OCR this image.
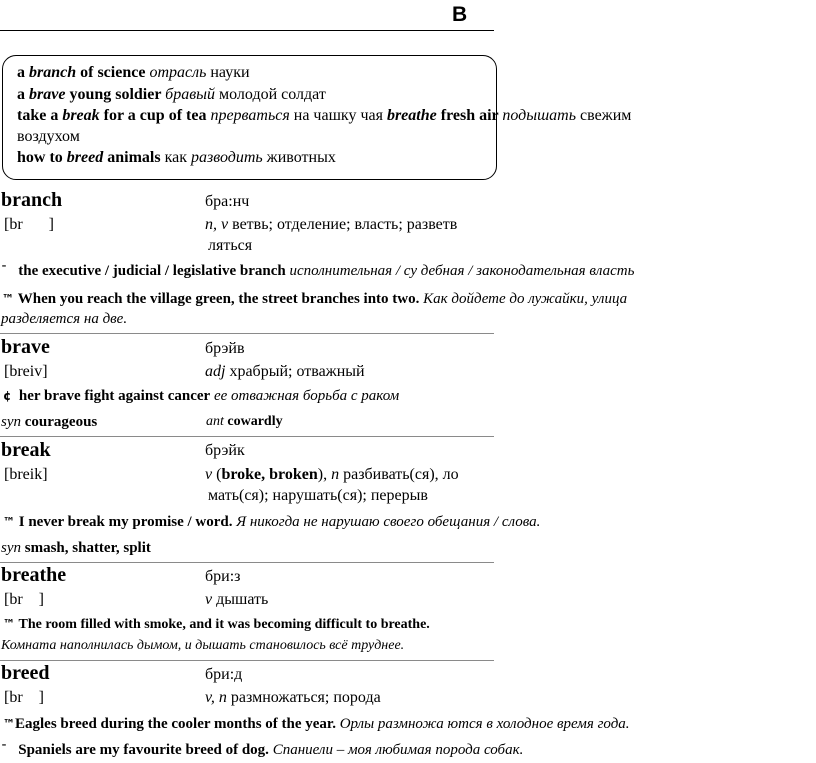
B
a branch of science отрасль науки
a brave young soldier бравый молодой солдат
take a break for a cup of tea прерваться на чашку чая breathe fresh air подышать свежим
воздухом
how to breed animals как разводить животных
branch	бра:нч
[br ]	n, v ветвь; отделение; власть; разветв
ляться
ˉ the executive / judicial / legislative branch исполнительная / су дебная / законодательная власть
™ When you reach the village green, the street branches into two. Как дойдете до лужайки, улица
разделяется на две.
brave	брэйв
[breiv]	adj храбрый; отважный
¢ her brave fight against cancer ее отважная борьба с раком
syn courageous	ant cowardly
break	брэйк
[breik]	v (broke, broken), n разбивать(ся), ло
мать(ся); нарушать(ся); перерыв
™ I never break my promise / word. Я никогда не нарушаю своего обещания / слова.
syn smash, shatter, split
breathe	бри:з
[br ]	v дышать
™ The room filled with smoke, and it was becoming difficult to breathe.
Комната наполнилась дымом, и дышать становилось всё труднее.
breed	бри:д
[br ]	v, n размножаться; порода
™Eagles breed during the cooler months of the year. Орлы размножа ются в холодное время года.
ˉ Spaniels are my favourite breed of dog. Спаниели – моя любимая порода собак.
